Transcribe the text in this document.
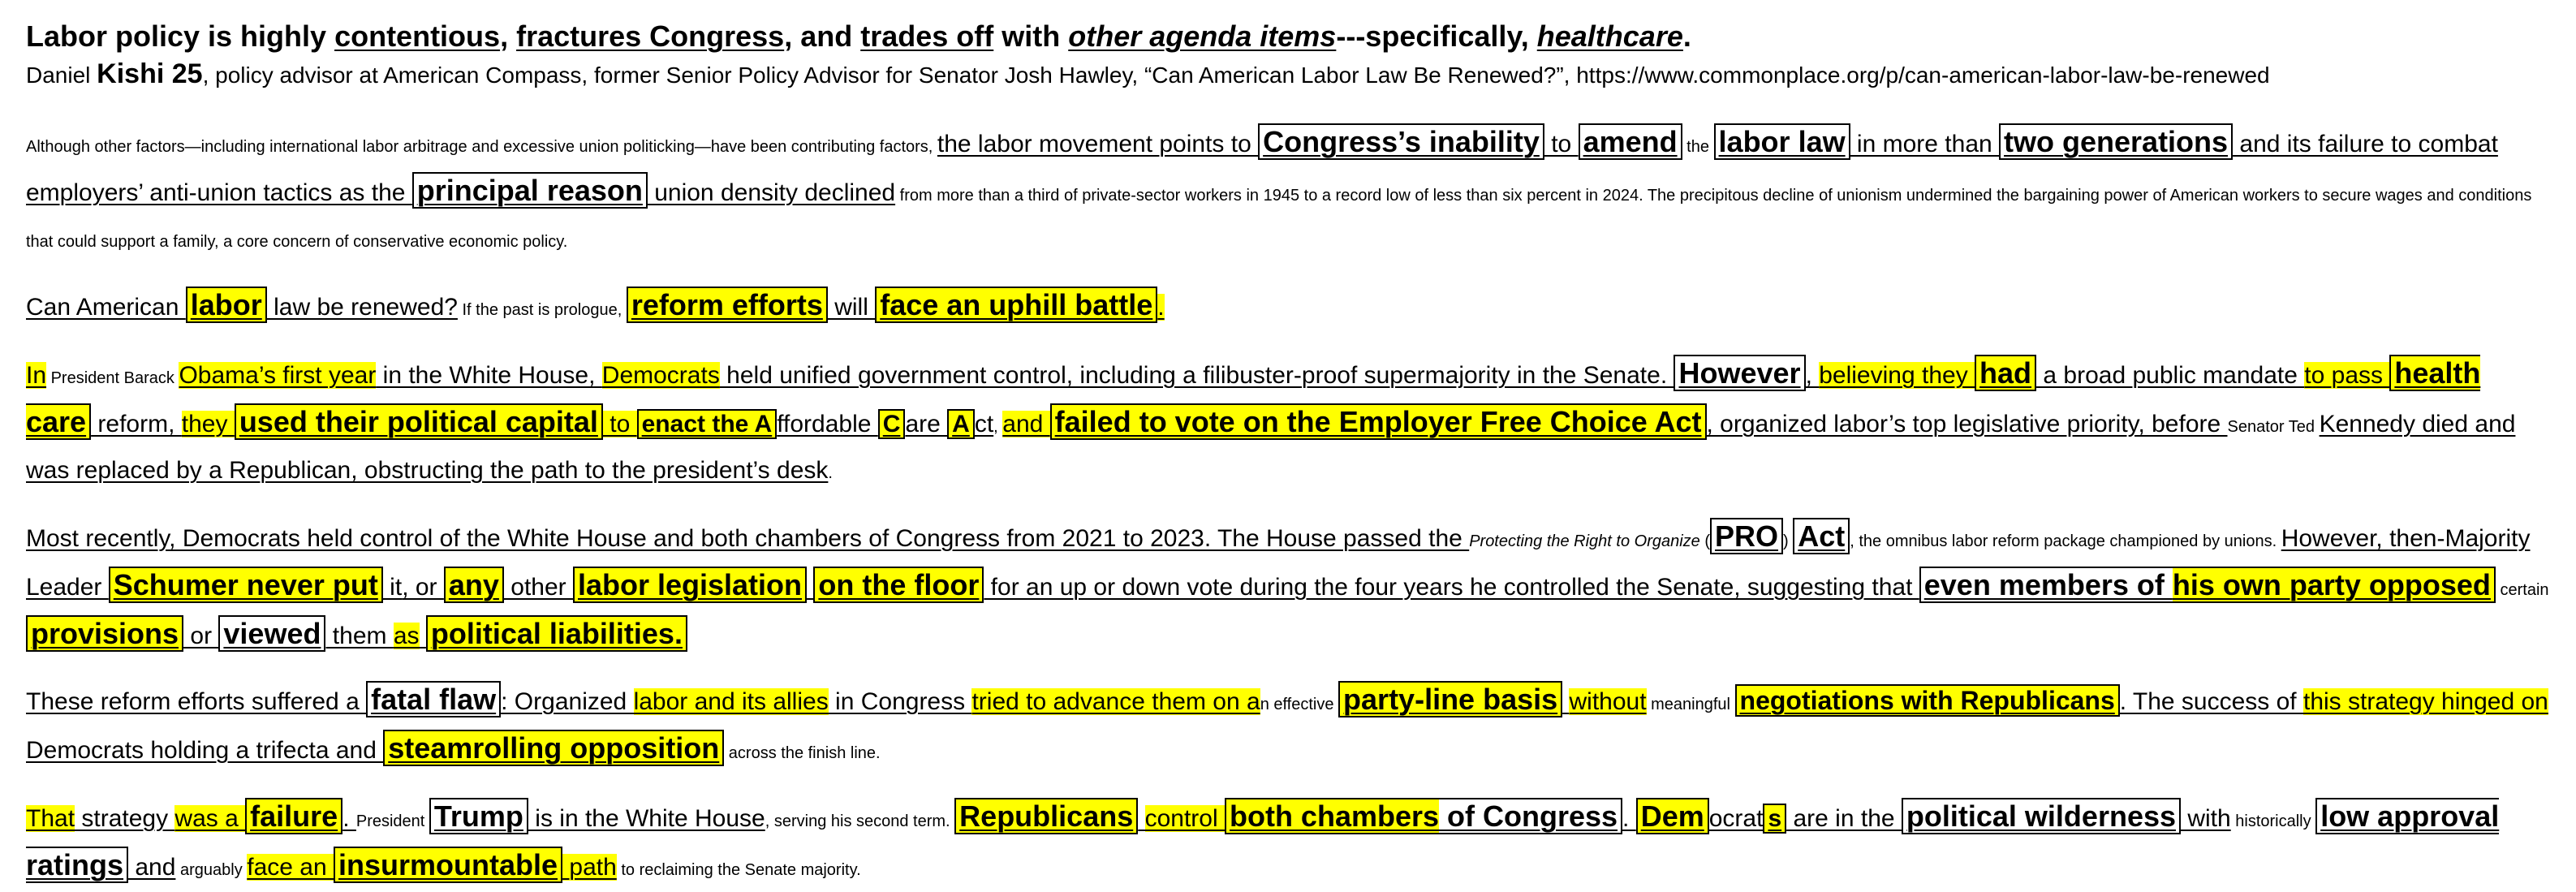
Labor policy is highly contentious, fractures Congress, and trades off with other agenda items---specifically, healthcare.

Daniel Kishi 25, policy advisor at American Compass, former Senior Policy Advisor for Senator Josh Hawley, “Can American Labor Law Be Renewed?”, https://www.commonplace.org/p/can-american-labor-law-be-renewed

Although other factors—including international labor arbitrage and excessive union politicking—have been contributing factors, the labor movement points to Congress’s inability to amend the labor law in more than two generations and its failure to combat employers’ anti-union tactics as the principal reason union density declined from more than a third of private-sector workers in 1945 to a record low of less than six percent in 2024. The precipitous decline of unionism undermined the bargaining power of American workers to secure wages and conditions that could support a family, a core concern of conservative economic policy.

Can American labor law be renewed? If the past is prologue, reform efforts will face an uphill battle .

In President Barack Obama’s first year in the White House, Democrats held unified government control, including a filibuster-proof supermajority in the Senate. However , believing they had a broad public mandate to pass health care reform, they used their political capital to enact the A ffordable C are A ct, and failed to vote on the Employer Free Choice Act , organized labor’s top legislative priority, before Senator Ted Kennedy died and was replaced by a Republican, obstructing the path to the president’s desk.

Most recently, Democrats held control of the White House and both chambers of Congress from 2021 to 2023. The House passed the Protecting the Right to Organize ( PRO ) Act , the omnibus labor reform package championed by unions. However, then-Majority Leader Schumer never put it, or any other labor legislation on the floor for an up or down vote during the four years he controlled the Senate, suggesting that even members of his own party opposed certain provisions or viewed them as political liabilities.

These reform efforts suffered a fatal flaw : Organized labor and its allies in Congress tried to advance them on an effective party-line basis without meaningful negotiations with Republicans . The success of this strategy hinged on Democrats holding a trifecta and steamrolling opposition across the finish line.

That strategy was a failure . President Trump is in the White House, serving his second term. Republicans control both chambers of Congress . Dem ocrat s are in the political wilderness with historically low approval ratings and arguably face an insurmountable path to reclaiming the Senate majority.
